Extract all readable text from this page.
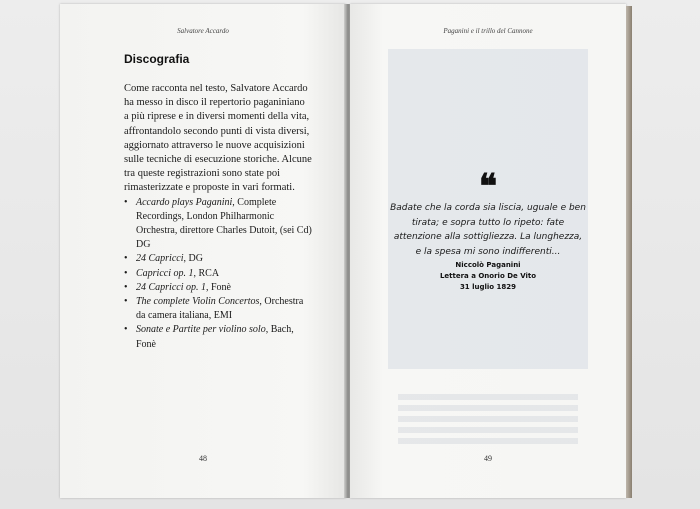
Salvatore Accardo
Discografia

Come racconta nel testo, Salvatore Accardo ha messo in disco il repertorio paganiniano a più riprese e in diversi momenti della vita, affrontandolo secondo punti di vista diversi, aggiornato attraverso le nuove acquisizioni sulle tecniche di esecuzione storiche. Alcune tra queste registrazioni sono state poi rimasterizzate e proposte in vari formati.

• Accardo plays Paganini, Complete Recordings, London Philharmonic Orchestra, direttore Charles Dutoit, (sei Cd) DG
• 24 Capricci, DG
• Capricci op. 1, RCA
• 24 Capricci op. 1, Fonè
• The complete Violin Concertos, Orchestra da camera italiana, EMI
• Sonate e Partite per violino solo, Bach, Fonè
48
Paganini e il trillo del Cannone
❝

Badate che la corda sia liscia, uguale e ben tirata; e sopra tutto lo ripeto: fate attenzione alla sottigliezza. La lunghezza, e la spesa mi sono indifferenti...

Niccolò Paganini
Lettera a Onorio De Vito
31 luglio 1829
49
